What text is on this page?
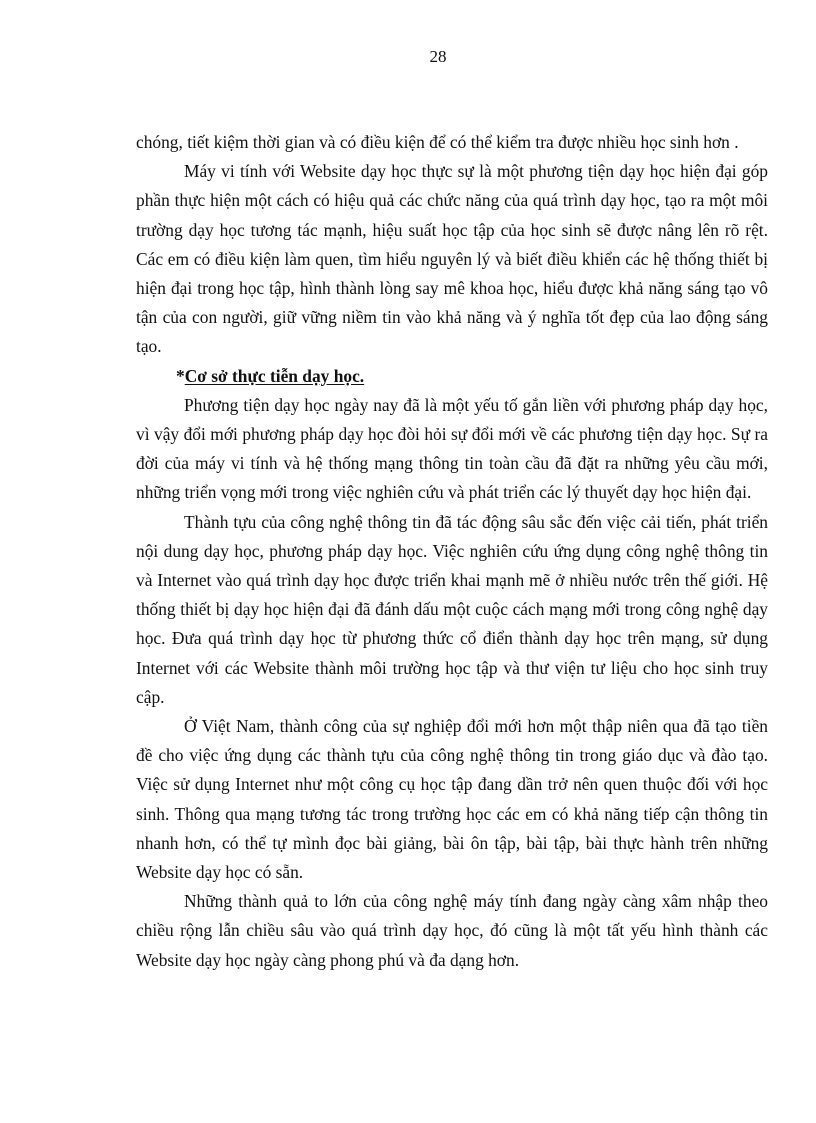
28

chóng, tiết kiệm thời gian và có điều kiện để có thể kiểm tra được nhiều học sinh hơn .

Máy vi tính với Website dạy học thực sự là một phương tiện dạy học hiện đại góp phần thực hiện một cách có hiệu quả các chức năng của quá trình dạy học, tạo ra một môi trường dạy học tương tác mạnh, hiệu suất học tập của học sinh sẽ được nâng lên rõ rệt. Các em có điều kiện làm quen, tìm hiểu nguyên lý và biết điều khiển các hệ thống thiết bị hiện đại trong học tập, hình thành lòng say mê khoa học, hiểu được khả năng sáng tạo vô tận của con người, giữ vững niềm tin vào khả năng và ý nghĩa tốt đẹp của lao động sáng tạo.

*Cơ sở thực tiễn dạy học.

Phương tiện dạy học ngày nay đã là một yếu tố gắn liền với phương pháp dạy học, vì vậy đổi mới phương pháp dạy học đòi hỏi sự đổi mới về các phương tiện dạy học. Sự ra đời của máy vi tính và hệ thống mạng thông tin toàn cầu đã đặt ra những yêu cầu mới, những triển vọng mới trong việc nghiên cứu và phát triển các lý thuyết dạy học hiện đại.

Thành tựu của công nghệ thông tin đã tác động sâu sắc đến việc cải tiến, phát triển nội dung dạy học, phương pháp dạy học. Việc nghiên cứu ứng dụng công nghệ thông tin và Internet vào quá trình dạy học được triển khai mạnh mẽ ở nhiều nước trên thế giới. Hệ thống thiết bị dạy học hiện đại đã đánh dấu một cuộc cách mạng mới trong công nghệ dạy học. Đưa quá trình dạy học từ phương thức cổ điển thành dạy học trên mạng, sử dụng Internet với các Website thành môi trường học tập và thư viện tư liệu cho học sinh truy cập.

Ở Việt Nam, thành công của sự nghiệp đổi mới hơn một thập niên qua đã tạo tiền đề cho việc ứng dụng các thành tựu của công nghệ thông tin trong giáo dục và đào tạo. Việc sử dụng Internet như một công cụ học tập đang dần trở nên quen thuộc đối với học sinh. Thông qua mạng tương tác trong trường học các em có khả năng tiếp cận thông tin nhanh hơn, có thể tự mình đọc bài giảng, bài ôn tập, bài tập, bài thực hành trên những Website dạy học có sẵn.

Những thành quả to lớn của công nghệ máy tính đang ngày càng xâm nhập theo chiều rộng lẫn chiều sâu vào quá trình dạy học, đó cũng là một tất yếu hình thành các Website dạy học ngày càng phong phú và đa dạng hơn.
